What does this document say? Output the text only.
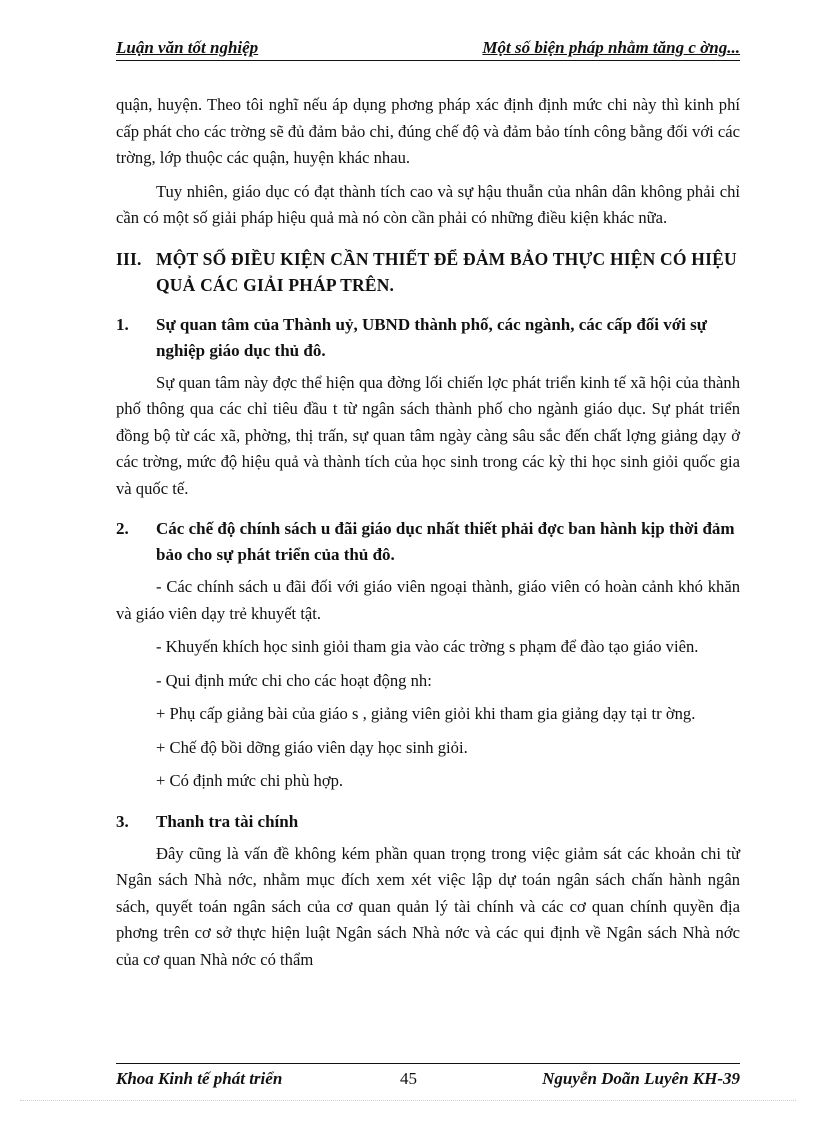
Luận văn tốt nghiệp	Một số biện pháp nhằm tăng c ờng...

quận, huyện. Theo tôi nghĩ nếu áp dụng phơng pháp xác định định mức chi này thì kinh phí cấp phát cho các trờng sẽ đủ đảm bảo chi, đúng chế độ và đảm bảo tính công bằng đối với các trờng, lớp thuộc các quận, huyện khác nhau.

Tuy nhiên, giáo dục có đạt thành tích cao và sự hậu thuẫn của nhân dân không phải chỉ cần có một số giải pháp hiệu quả mà nó còn cần phải có những điều kiện khác nữa.

III. MỘT SỐ ĐIỀU KIỆN CẦN THIẾT ĐỂ ĐẢM BẢO THỰC HIỆN CÓ HIỆU QUẢ CÁC GIẢI PHÁP TRÊN.
1.	Sự quan tâm của Thành uỷ, UBND thành phố, các ngành, các cấp đối với sự nghiệp giáo dục thủ đô.

Sự quan tâm này đợc thể hiện qua đờng lối chiến lợc phát triển kinh tế xã hội của thành phố thông qua các chỉ tiêu đầu t từ ngân sách thành phố cho ngành giáo dục. Sự phát triển đồng bộ từ các xã, phờng, thị trấn, sự quan tâm ngày càng sâu sắc đến chất lợng giảng dạy ở các trờng, mức độ hiệu quả và thành tích của học sinh trong các kỳ thi học sinh giỏi quốc gia và quốc tế.

2.	Các chế độ chính sách u đãi giáo dục nhất thiết phải đợc ban hành kịp thời đảm bảo cho sự phát triển của thủ đô.

- Các chính sách u đãi đối với giáo viên ngoại thành, giáo viên có hoàn cảnh khó khăn và giáo viên dạy trẻ khuyết tật.

- Khuyến khích học sinh giỏi tham gia vào các trờng s phạm để đào tạo giáo viên.

- Qui định mức chi cho các hoạt động nh:

+ Phụ cấp giảng bài của giáo s , giảng viên giỏi khi tham gia giảng dạy tại tr ờng.

+ Chế độ bồi dỡng giáo viên dạy học sinh giỏi.

+ Có định mức chi phù hợp.

3.	Thanh tra tài chính

Đây cũng là vấn đề không kém phần quan trọng trong việc giảm sát các khoản chi từ Ngân sách Nhà nớc, nhằm mục đích xem xét việc lập dự toán ngân sách chấn hành ngân sách, quyết toán ngân sách của cơ quan quản lý tài chính và các cơ quan chính quyền địa phơng trên cơ sở thực hiện luật Ngân sách Nhà nớc và các qui định về Ngân sách Nhà nớc của cơ quan Nhà nớc có thẩm

Khoa Kinh tế phát triển	45	Nguyễn Doãn Luyên KH-39
